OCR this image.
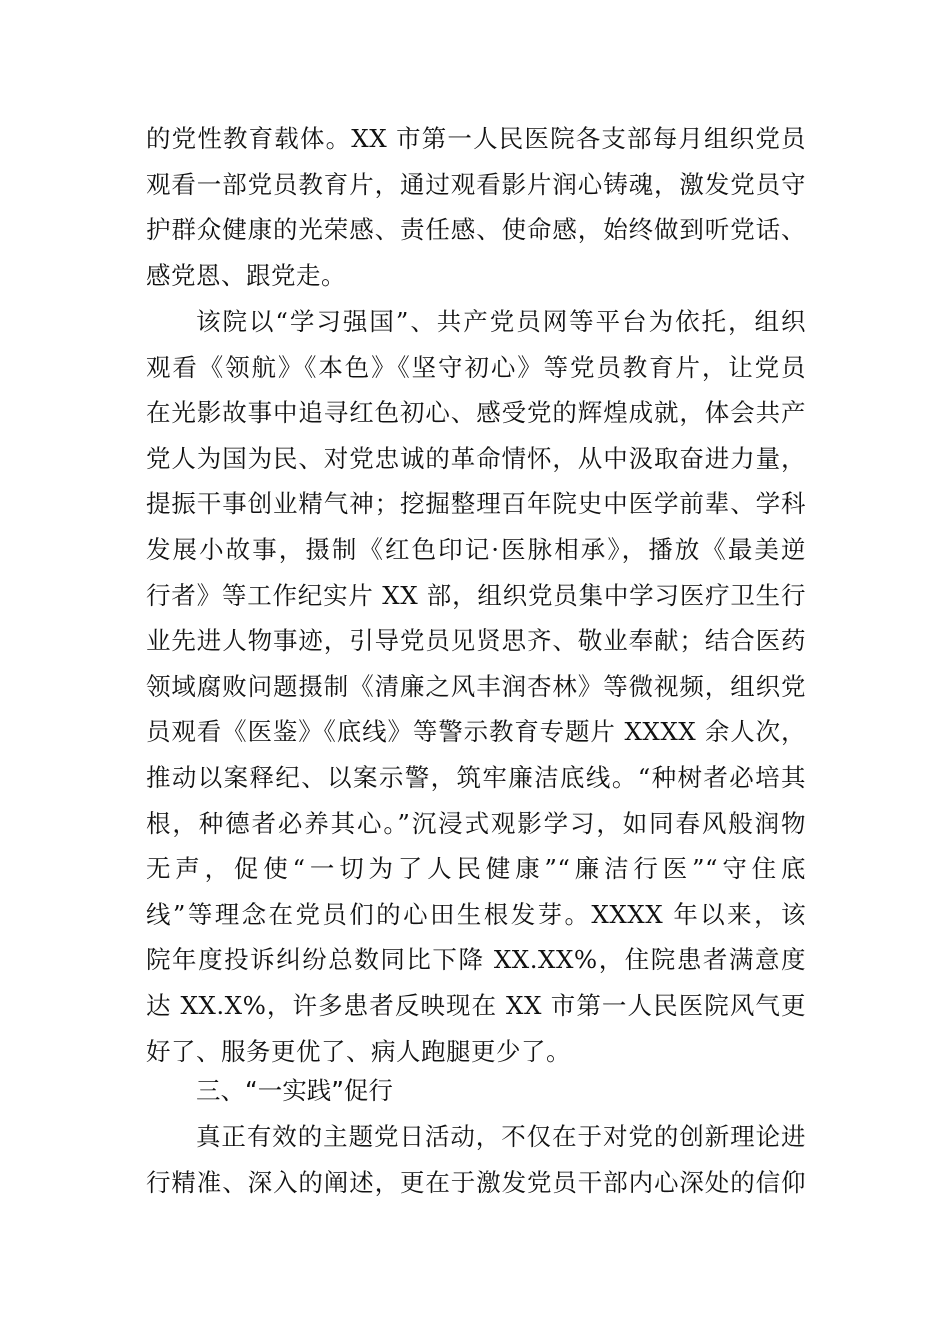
的党性教育载体。XX 市第一人民医院各支部每月组织党员
观看一部党员教育片，通过观看影片润心铸魂，激发党员守
护群众健康的光荣感、责任感、使命感，始终做到听党话、
感党恩、跟党走。
该院以“学习强国”、共产党员网等平台为依托，组织
观看《领航》《本色》《坚守初心》等党员教育片，让党员
在光影故事中追寻红色初心、感受党的辉煌成就，体会共产
党人为国为民、对党忠诚的革命情怀，从中汲取奋进力量，
提振干事创业精气神；挖掘整理百年院史中医学前辈、学科
发展小故事，摄制《红色印记·医脉相承》，播放《最美逆
行者》等工作纪实片 XX 部，组织党员集中学习医疗卫生行
业先进人物事迹，引导党员见贤思齐、敬业奉献；结合医药
领域腐败问题摄制《清廉之风丰润杏林》等微视频，组织党
员观看《医鉴》《底线》等警示教育专题片 XXXX 余人次，
推动以案释纪、以案示警，筑牢廉洁底线。“种树者必培其
根，种德者必养其心。”沉浸式观影学习，如同春风般润物
无声，促使“一切为了人民健康”“廉洁行医”“守住底
线”等理念在党员们的心田生根发芽。XXXX 年以来，该
院年度投诉纠纷总数同比下降 XX.XX%，住院患者满意度
达 XX.X%，许多患者反映现在 XX 市第一人民医院风气更
好了、服务更优了、病人跑腿更少了。
三、“一实践”促行
真正有效的主题党日活动，不仅在于对党的创新理论进
行精准、深入的阐述，更在于激发党员干部内心深处的信仰
